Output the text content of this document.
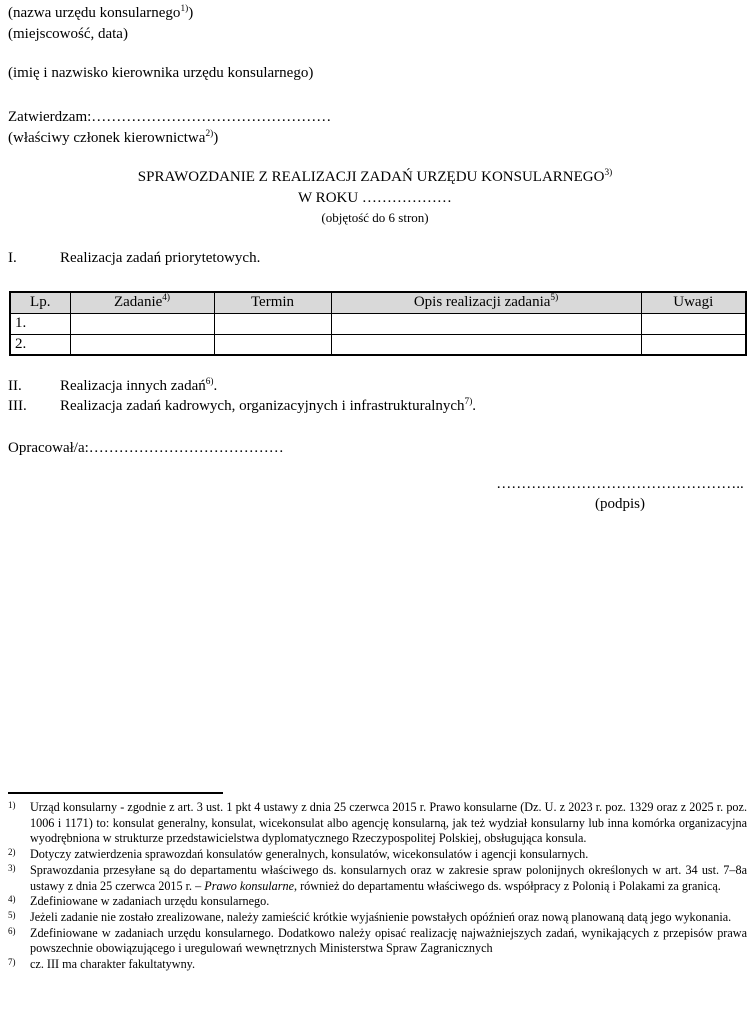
(nazwa urzędu konsularnego$^{1)}$)
(miejscowość, data)
(imię i nazwisko kierownika urzędu konsularnego)
Zatwierdzam:…………………………………………
(właściwy członek kierownictwa$^{2)}$)
SPRAWOZDANIE Z REALIZACJI ZADAŃ URZĘDU KONSULARNEGO$^{3)}$
W ROKU ………………
(objętość do 6 stron)
I.	Realizacja zadań priorytetowych.
Lp.	Zadanie$^{4)}$	Termin	Opis realizacji zadania$^{5)}$	Uwagi
1.				
2.				
II.	Realizacja innych zadań$^{6)}$.
III.	Realizacja zadań kadrowych, organizacyjnych i infrastrukturalnych$^{7)}$.
Opracował/a:…………………………………
…………………………………………..
(podpis)
1) Urząd konsularny - zgodnie z art. 3 ust. 1 pkt 4 ustawy z dnia 25 czerwca 2015 r. Prawo konsularne (Dz. U. z 2023 r. poz. 1329 oraz z 2025 r. poz. 1006 i 1171) to: konsulat generalny, konsulat, wicekonsulat albo agencję konsularną, jak też wydział konsularny lub inna komórka organizacyjna wyodrębniona w strukturze przedstawicielstwa dyplomatycznego Rzeczypospolitej Polskiej, obsługująca konsula.
2) Dotyczy zatwierdzenia sprawozdań konsulatów generalnych, konsulatów, wicekonsulatów i agencji konsularnych.
3) Sprawozdania przesyłane są do departamentu właściwego ds. konsularnych oraz w zakresie spraw polonijnych określonych w art. 34 ust. 7–8a ustawy z dnia 25 czerwca 2015 r. – Prawo konsularne, również do departamentu właściwego ds. współpracy z Polonią i Polakami za granicą.
4) Zdefiniowane w zadaniach urzędu konsularnego.
5) Jeżeli zadanie nie zostało zrealizowane, należy zamieścić krótkie wyjaśnienie powstałych opóźnień oraz nową planowaną datą jego wykonania.
6) Zdefiniowane w zadaniach urzędu konsularnego. Dodatkowo należy opisać realizację najważniejszych zadań, wynikających z przepisów prawa powszechnie obowiązującego i uregulowań wewnętrznych Ministerstwa Spraw Zagranicznych
7) cz. III ma charakter fakultatywny.
